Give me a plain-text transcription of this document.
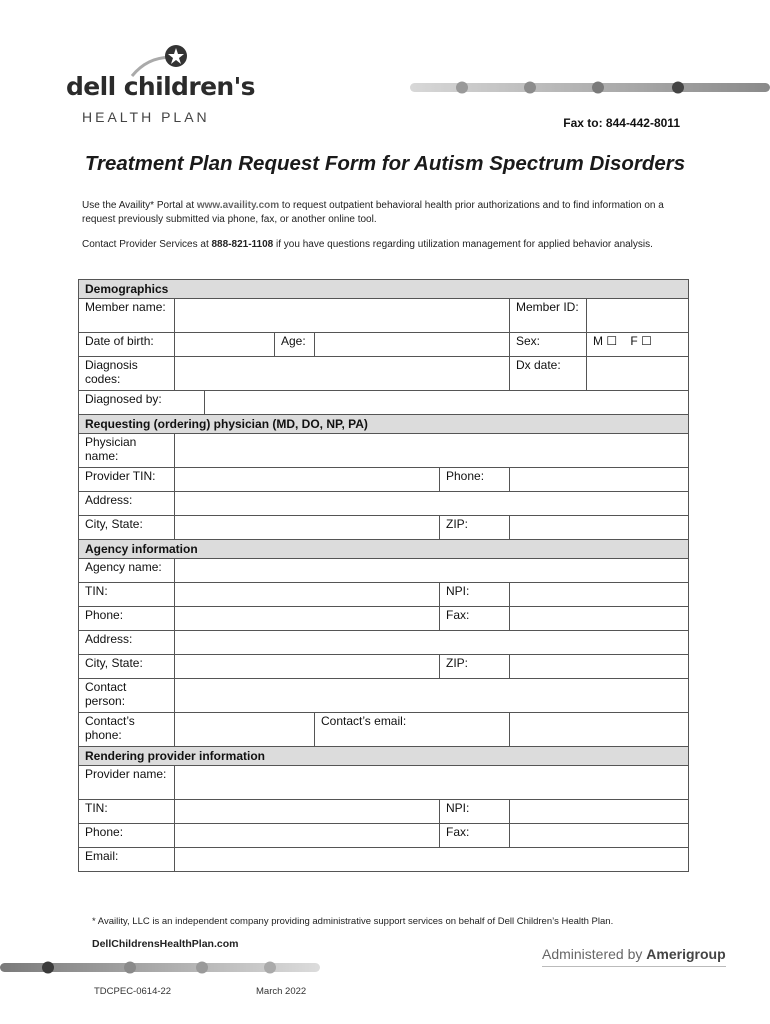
dell children's
HEALTH PLAN	Fax to: 844-442-8011
Treatment Plan Request Form for Autism Spectrum Disorders
Use the Availity* Portal at www.availity.com to request outpatient behavioral health prior authorizations and to find information on a request previously submitted via phone, fax, or another online tool.
Contact Provider Services at 888-821-1108 if you have questions regarding utilization management for applied behavior analysis.
Demographics							
Member name:						Member ID:	
Date of birth:			Age:			Sex:	M ☐    F ☐
Diagnosis codes:						Dx date:	
Diagnosed by:							
Requesting (ordering) physician (MD, DO, NP, PA)							
Physician name:							
Provider TIN:					Phone:		
Address:							
City, State:					ZIP:		
Agency information							
Agency name:							
TIN:					NPI:		
Phone:					Fax:		
Address:							
City, State:					ZIP:		
Contact person:							
Contact’s phone:				Contact’s email:			
Rendering provider information							
Provider name:							
TIN:					NPI:		
Phone:					Fax:		
Email:							
* Availity, LLC is an independent company providing administrative support services on behalf of Dell Children’s Health Plan.
DellChildrensHealthPlan.com
Administered by Amerigroup
TDCPEC-0614-22	March 2022
